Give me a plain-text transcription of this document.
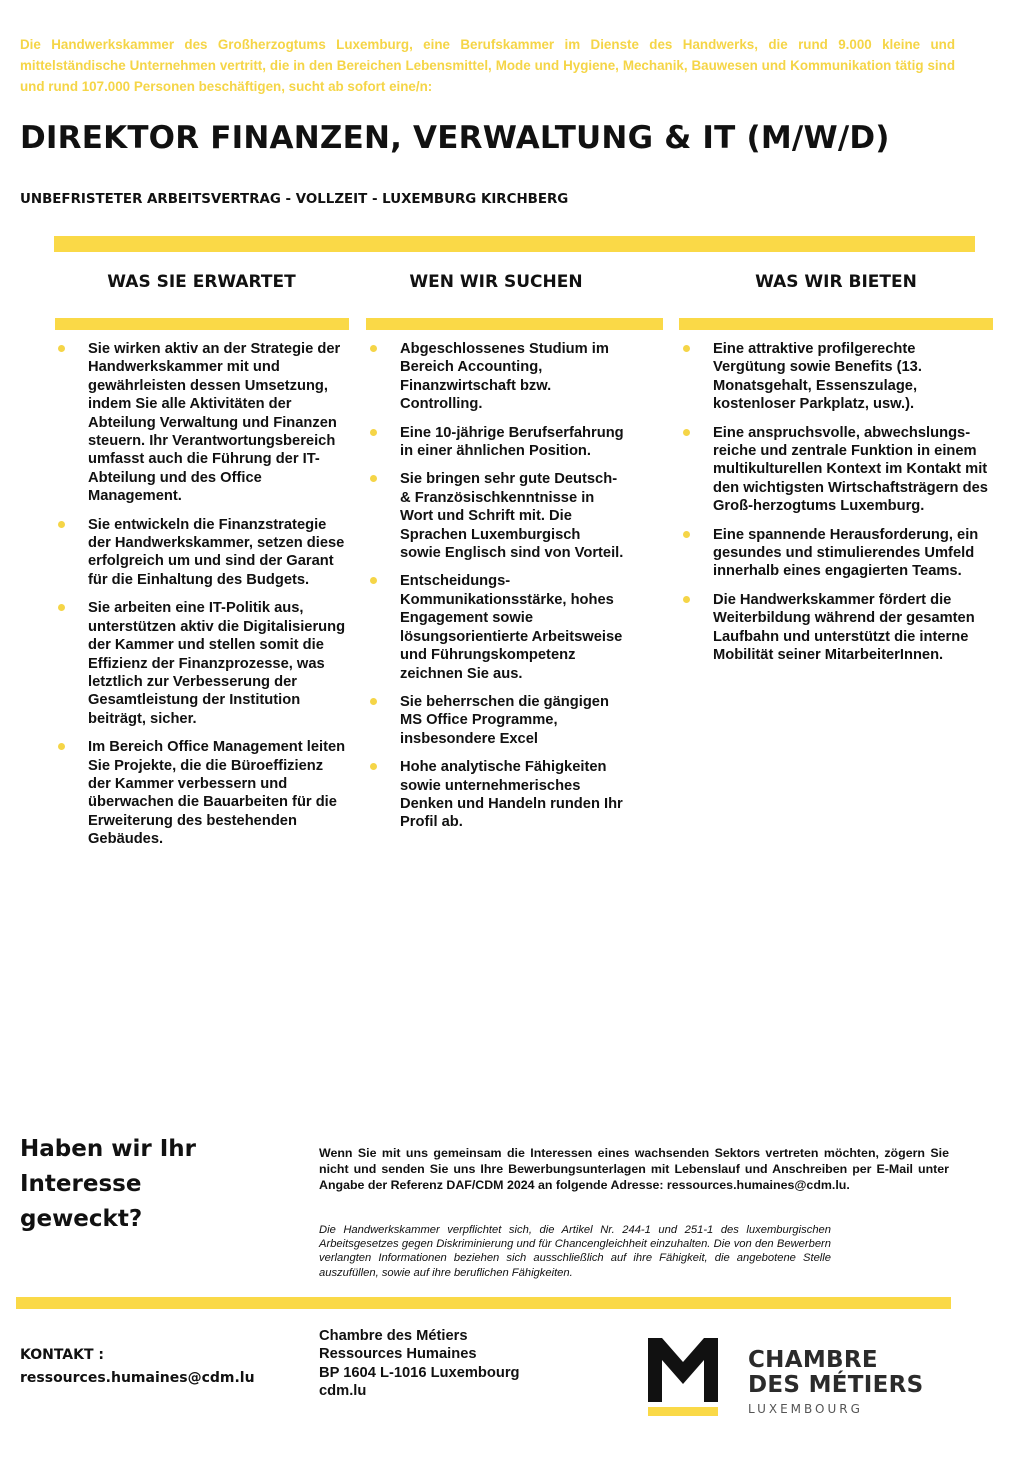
Die Handwerkskammer des Großherzogtums Luxemburg, eine Berufskammer im Dienste des Handwerks, die rund 9.000 kleine und mittelständische Unternehmen vertritt, die in den Bereichen Lebensmittel, Mode und Hygiene, Mechanik, Bauwesen und Kommunikation tätig sind und rund 107.000 Personen beschäftigen, sucht ab sofort eine/n:

DIREKTOR FINANZEN, VERWALTUNG & IT (M/W/D)

UNBEFRISTETER ARBEITSVERTRAG - VOLLZEIT - LUXEMBURG KIRCHBERG

WAS SIE ERWARTET	WEN WIR SUCHEN	WAS WIR BIETEN
Sie wirken aktiv an der Strategie der Handwerkskammer mit und gewährleisten dessen Umsetzung, indem Sie alle Aktivitäten der Abteilung Verwaltung und Finanzen steuern. Ihr Verantwortungsbereich umfasst auch die Führung der IT-Abteilung und des Office Management.
Sie entwickeln die Finanzstrategie der Handwerkskammer, setzen diese erfolgreich um und sind der Garant für die Einhaltung des Budgets.
Sie arbeiten eine IT-Politik aus, unterstützen aktiv die Digitalisierung der Kammer und stellen somit die Effizienz der Finanzprozesse, was letztlich zur Verbesserung der Gesamtleistung der Institution beiträgt, sicher.
Im Bereich Office Management leiten Sie Projekte, die die Büroeffizienz der Kammer verbessern und überwachen die Bauarbeiten für die Erweiterung des bestehenden Gebäudes.
Abgeschlossenes Studium im Bereich Accounting, Finanzwirtschaft bzw. Controlling.
Eine 10-jährige Berufserfahrung in einer ähnlichen Position.
Sie bringen sehr gute Deutsch- & Französischkenntnisse in Wort und Schrift mit. Die Sprachen Luxemburgisch sowie Englisch sind von Vorteil.
Entscheidungs- Kommunikationsstärke, hohes Engagement sowie lösungsorientierte Arbeitsweise und Führungskompetenz zeichnen Sie aus.
Sie beherrschen die gängigen MS Office Programme, insbesondere Excel
Hohe analytische Fähigkeiten sowie unternehmerisches Denken und Handeln runden Ihr Profil ab.
Eine attraktive profilgerechte Vergütung sowie Benefits (13. Monatsgehalt, Essenszulage, kostenloser Parkplatz, usw.).
Eine anspruchsvolle, abwechslungs-reiche und zentrale Funktion in einem multikulturellen Kontext im Kontakt mit den wichtigsten Wirtschaftsträgern des Groß-herzogtums Luxemburg.
Eine spannende Herausforderung, ein gesundes und stimulierendes Umfeld innerhalb eines engagierten Teams.
Die Handwerkskammer fördert die Weiterbildung während der gesamten Laufbahn und unterstützt die interne Mobilität seiner MitarbeiterInnen.
Haben wir Ihr
Interesse
geweckt?

Wenn Sie mit uns gemeinsam die Interessen eines wachsenden Sektors vertreten möchten, zögern Sie nicht und senden Sie uns Ihre Bewerbungsunterlagen mit Lebenslauf und Anschreiben per E-Mail unter Angabe der Referenz DAF/CDM 2024 an folgende Adresse: ressources.humaines@cdm.lu.

Die Handwerkskammer verpflichtet sich, die Artikel Nr. 244-1 und 251-1 des luxemburgischen Arbeitsgesetzes gegen Diskriminierung und für Chancengleichheit einzuhalten. Die von den Bewerbern verlangten Informationen beziehen sich ausschließlich auf ihre Fähigkeit, die angebotene Stelle auszufüllen, sowie auf ihre beruflichen Fähigkeiten.

KONTAKT :
ressources.humaines@cdm.lu
Chambre des Métiers
Ressources Humaines
BP 1604 L-1016 Luxembourg
cdm.lu

CHAMBRE

DES MÉTIERS

LUXEMBOURG
